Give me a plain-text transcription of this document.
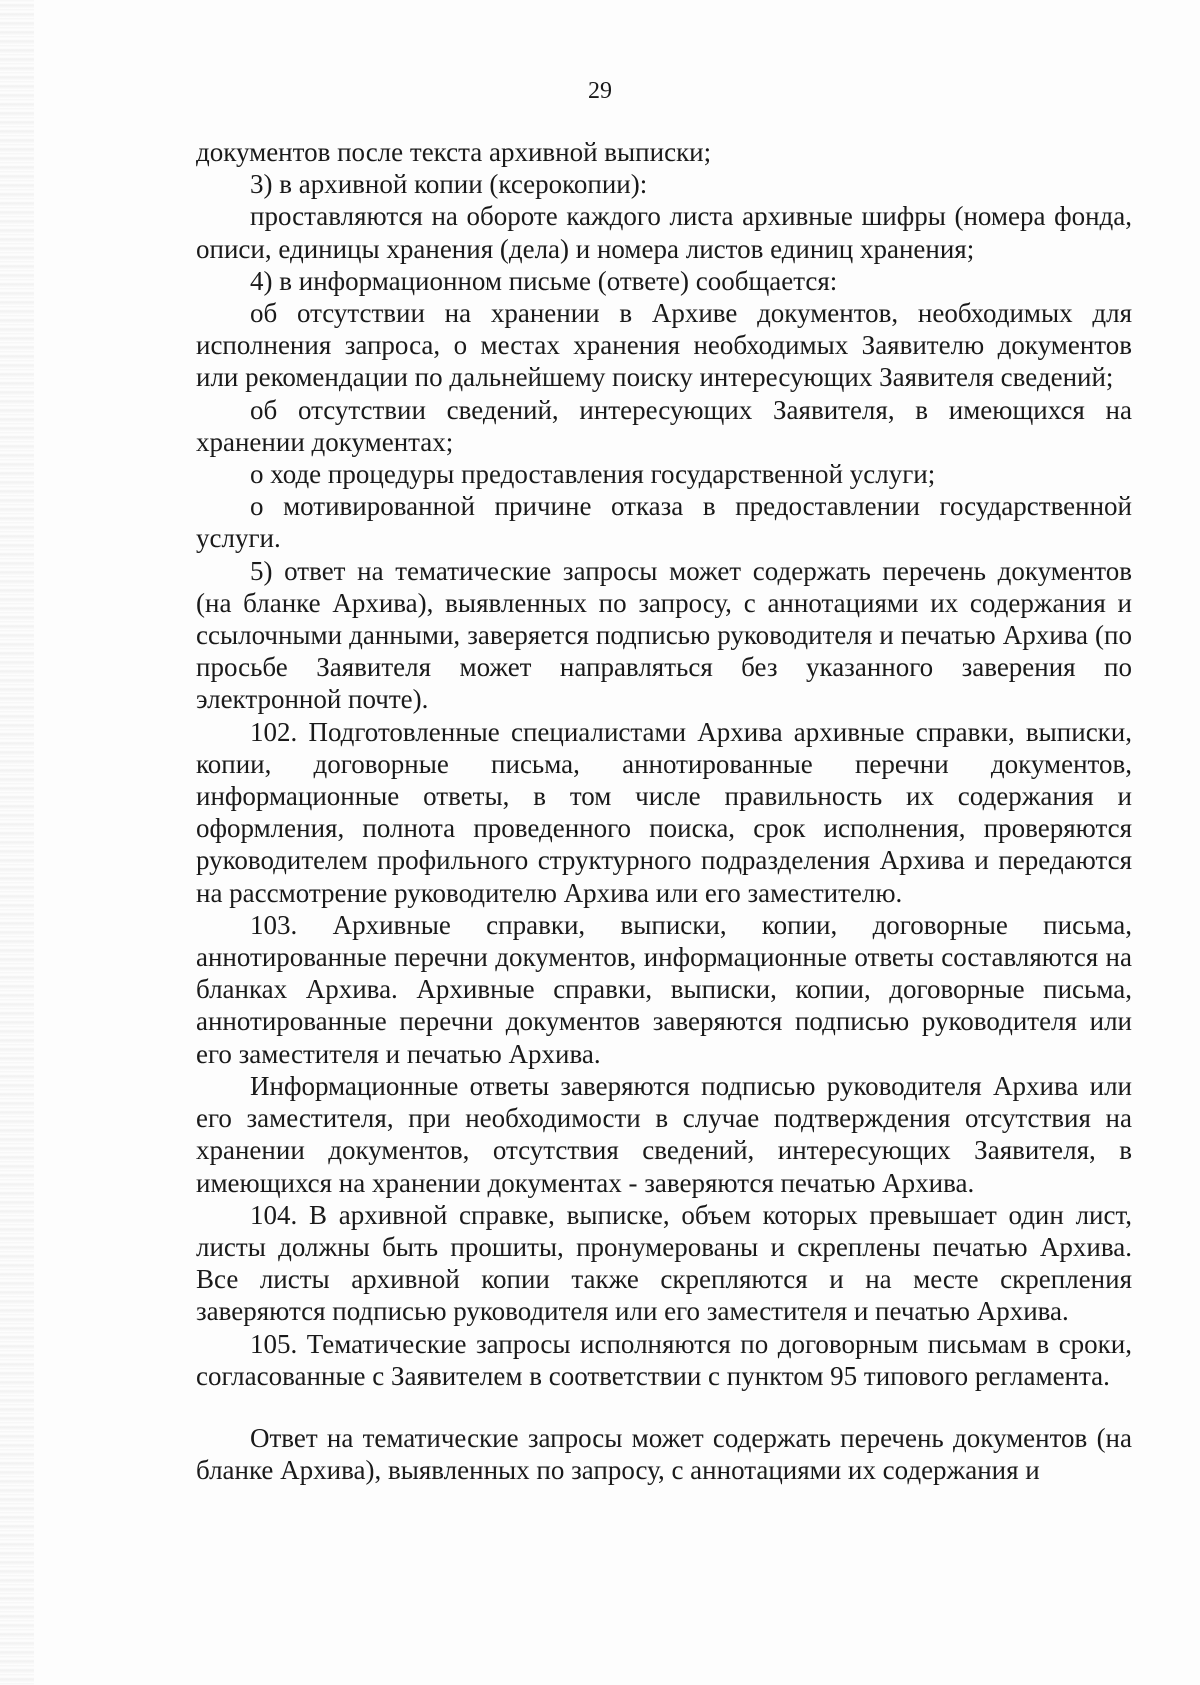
29

документов после текста архивной выписки;

3) в архивной копии (ксерокопии):

проставляются на обороте каждого листа архивные шифры (номера фонда, описи, единицы хранения (дела) и номера листов единиц хранения;

4) в информационном письме (ответе) сообщается:

об отсутствии на хранении в Архиве документов, необходимых для исполнения запроса, о местах хранения необходимых Заявителю документов или рекомендации по дальнейшему поиску интересующих Заявителя сведений;

об отсутствии сведений, интересующих Заявителя, в имеющихся на хранении документах;

о ходе процедуры предоставления государственной услуги;

о мотивированной причине отказа в предоставлении государственной услуги.

5) ответ на тематические запросы может содержать перечень документов (на бланке Архива), выявленных по запросу, с аннотациями их содержания и ссылочными данными, заверяется подписью руководителя и печатью Архива (по просьбе Заявителя может направляться без указанного заверения по электронной почте).

102. Подготовленные специалистами Архива архивные справки, выписки, копии, договорные письма, аннотированные перечни документов, информационные ответы, в том числе правильность их содержания и оформления, полнота проведенного поиска, срок исполнения, проверяются руководителем профильного структурного подразделения Архива и передаются на рассмотрение руководителю Архива или его заместителю.

103. Архивные справки, выписки, копии, договорные письма, аннотированные перечни документов, информационные ответы составляются на бланках Архива. Архивные справки, выписки, копии, договорные письма, аннотированные перечни документов заверяются подписью руководителя или его заместителя и печатью Архива.

Информационные ответы заверяются подписью руководителя Архива или его заместителя, при необходимости в случае подтверждения отсутствия на хранении документов, отсутствия сведений, интересующих Заявителя, в имеющихся на хранении документах - заверяются печатью Архива.

104. В архивной справке, выписке, объем которых превышает один лист, листы должны быть прошиты, пронумерованы и скреплены печатью Архива. Все листы архивной копии также скрепляются и на месте скрепления заверяются подписью руководителя или его заместителя и печатью Архива.

105. Тематические запросы исполняются по договорным письмам в сроки, согласованные с Заявителем в соответствии с пунктом 95 типового регламента.

Ответ на тематические запросы может содержать перечень документов (на бланке Архива), выявленных по запросу, с аннотациями их содержания и
